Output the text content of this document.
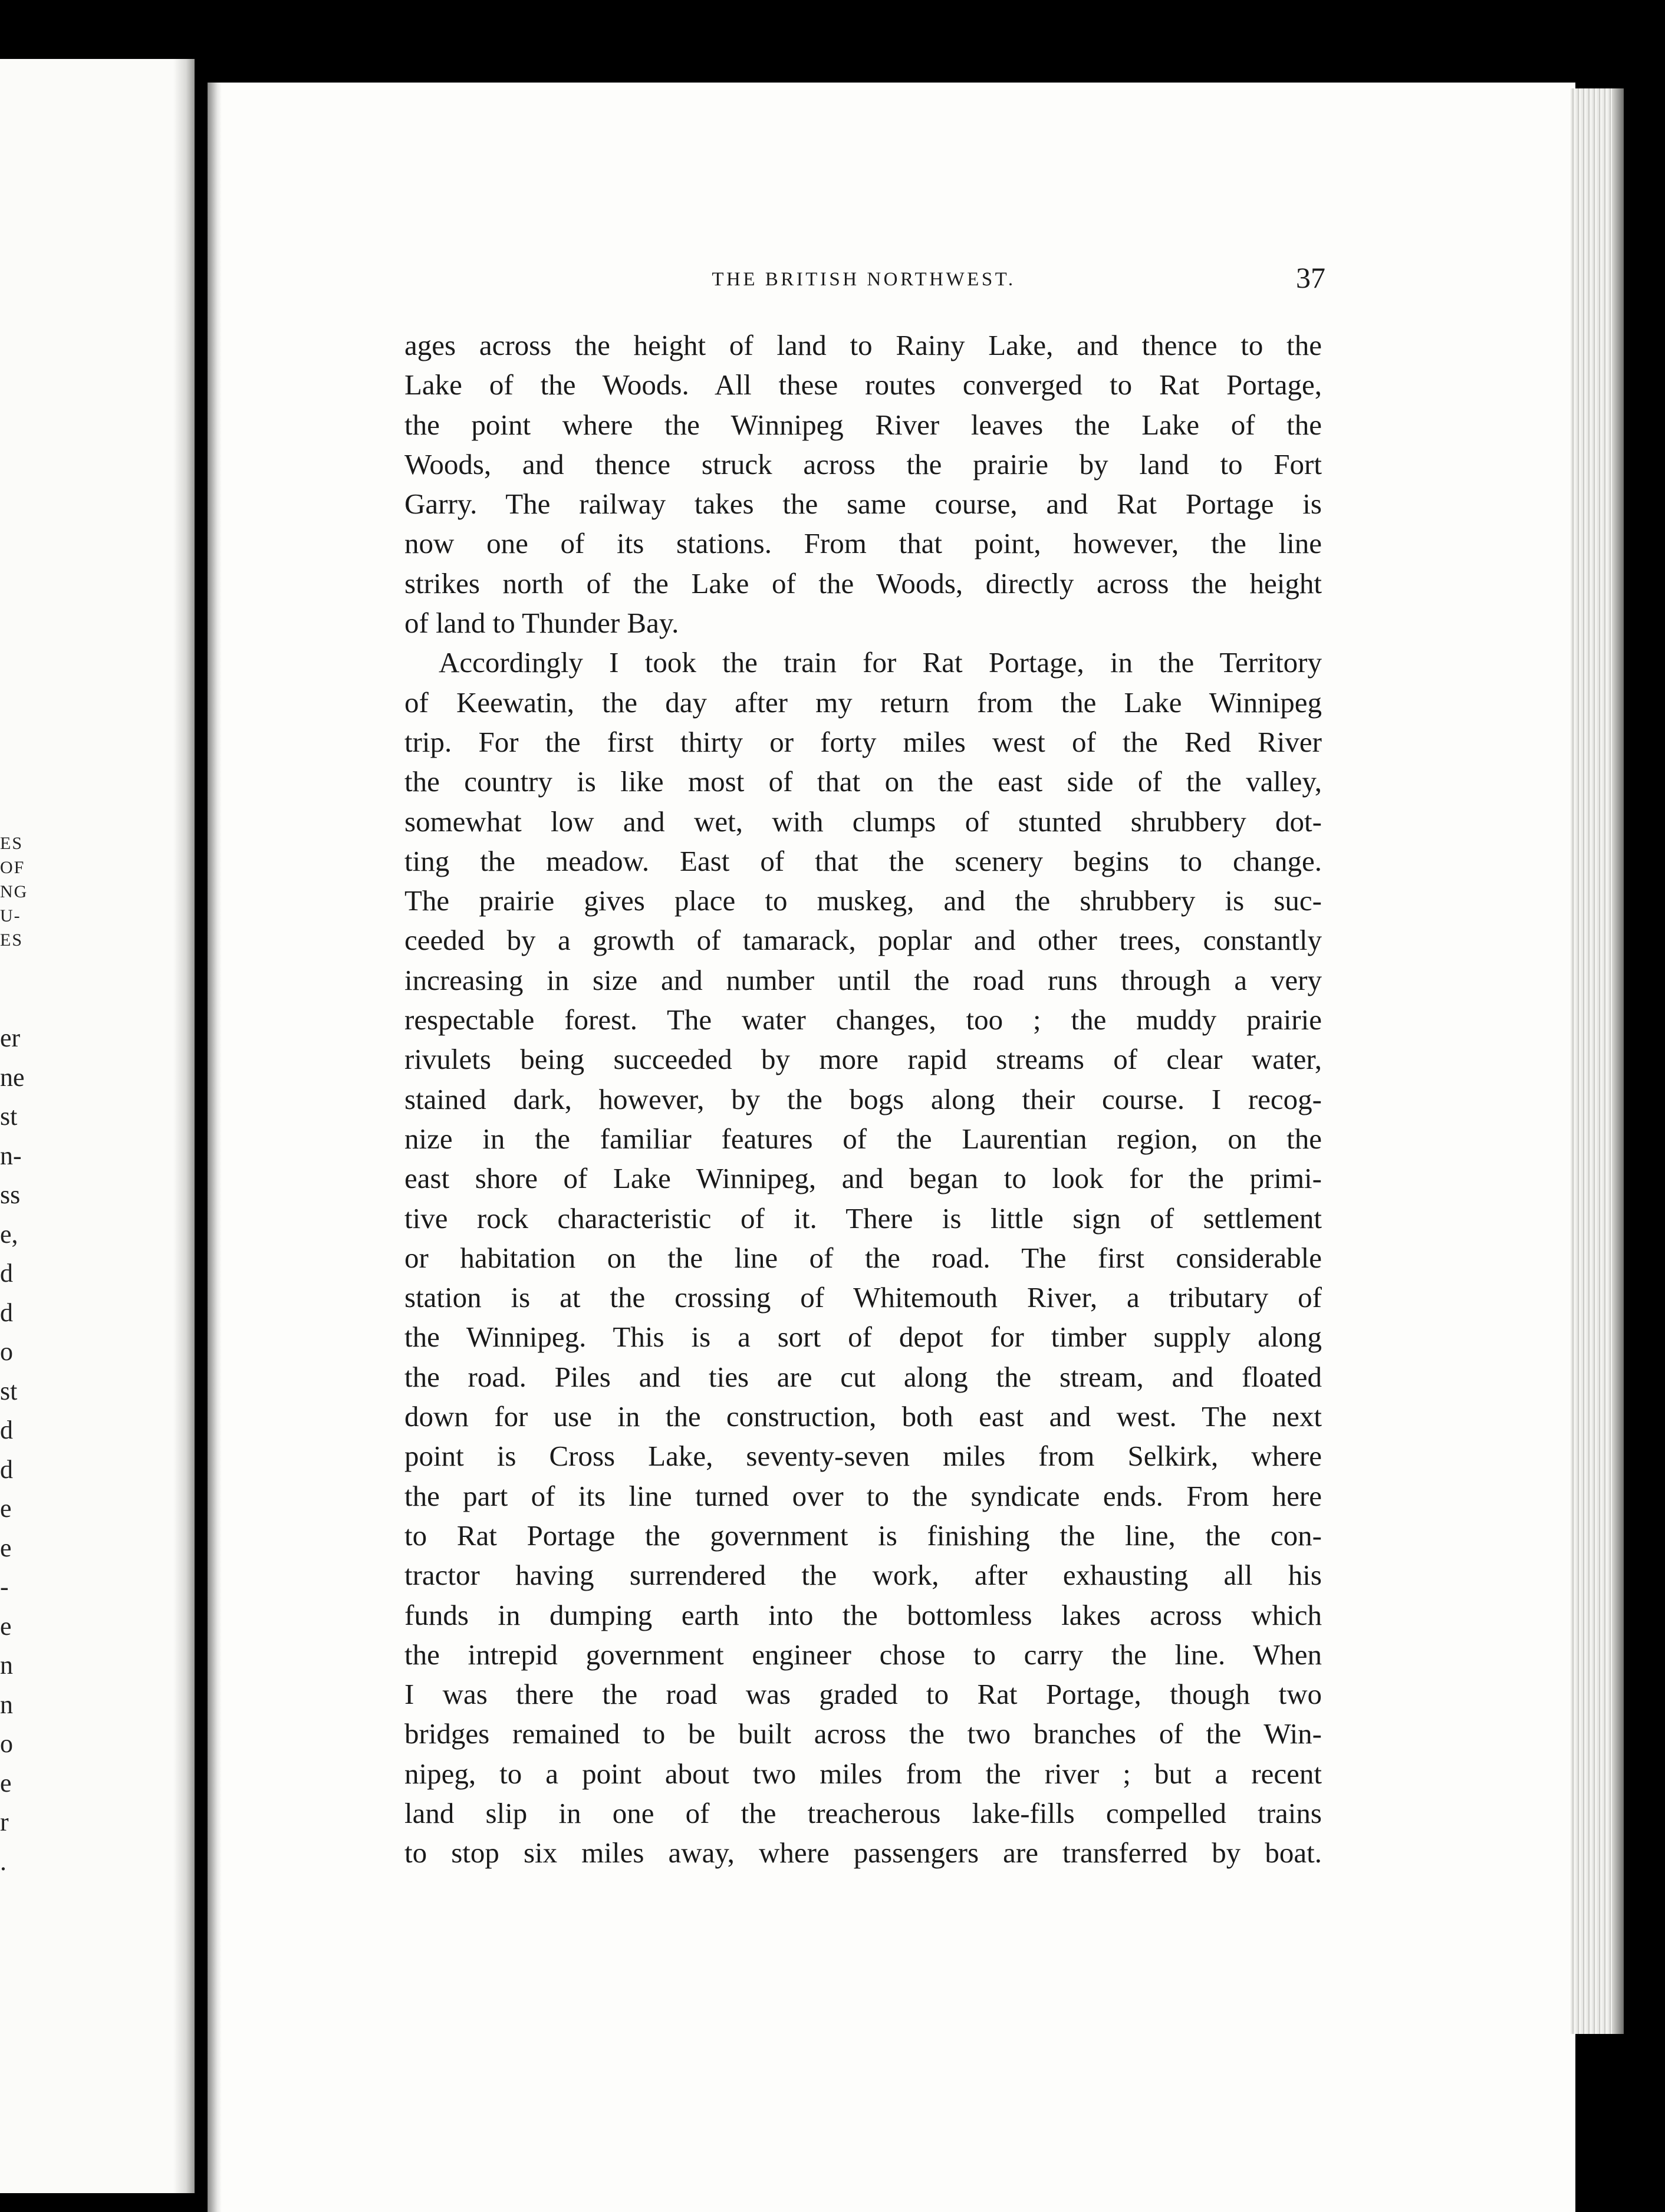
ES
OF
NG
U-
ES
er
ne
st
n-
ss
e,
d
d
o
st
d
d
e
e
-
e
n
n
o
e
r
.
THE BRITISH NORTHWEST.	37
ages across the height of land to Rainy Lake, and thence to the
Lake of the Woods. All these routes converged to Rat Portage,
the point where the Winnipeg River leaves the Lake of the
Woods, and thence struck across the prairie by land to Fort
Garry. The railway takes the same course, and Rat Portage is
now one of its stations. From that point, however, the line
strikes north of the Lake of the Woods, directly across the height
of land to Thunder Bay.
Accordingly I took the train for Rat Portage, in the Territory
of Keewatin, the day after my return from the Lake Winnipeg
trip. For the first thirty or forty miles west of the Red River
the country is like most of that on the east side of the valley,
somewhat low and wet, with clumps of stunted shrubbery dot-
ting the meadow. East of that the scenery begins to change.
The prairie gives place to muskeg, and the shrubbery is suc-
ceeded by a growth of tamarack, poplar and other trees, constantly
increasing in size and number until the road runs through a very
respectable forest. The water changes, too ; the muddy prairie
rivulets being succeeded by more rapid streams of clear water,
stained dark, however, by the bogs along their course. I recog-
nize in the familiar features of the Laurentian region, on the
east shore of Lake Winnipeg, and began to look for the primi-
tive rock characteristic of it. There is little sign of settlement
or habitation on the line of the road. The first considerable
station is at the crossing of Whitemouth River, a tributary of
the Winnipeg. This is a sort of depot for timber supply along
the road. Piles and ties are cut along the stream, and floated
down for use in the construction, both east and west. The next
point is Cross Lake, seventy-seven miles from Selkirk, where
the part of its line turned over to the syndicate ends. From here
to Rat Portage the government is finishing the line, the con-
tractor having surrendered the work, after exhausting all his
funds in dumping earth into the bottomless lakes across which
the intrepid government engineer chose to carry the line. When
I was there the road was graded to Rat Portage, though two
bridges remained to be built across the two branches of the Win-
nipeg, to a point about two miles from the river ; but a recent
land slip in one of the treacherous lake-fills compelled trains
to stop six miles away, where passengers are transferred by boat.
